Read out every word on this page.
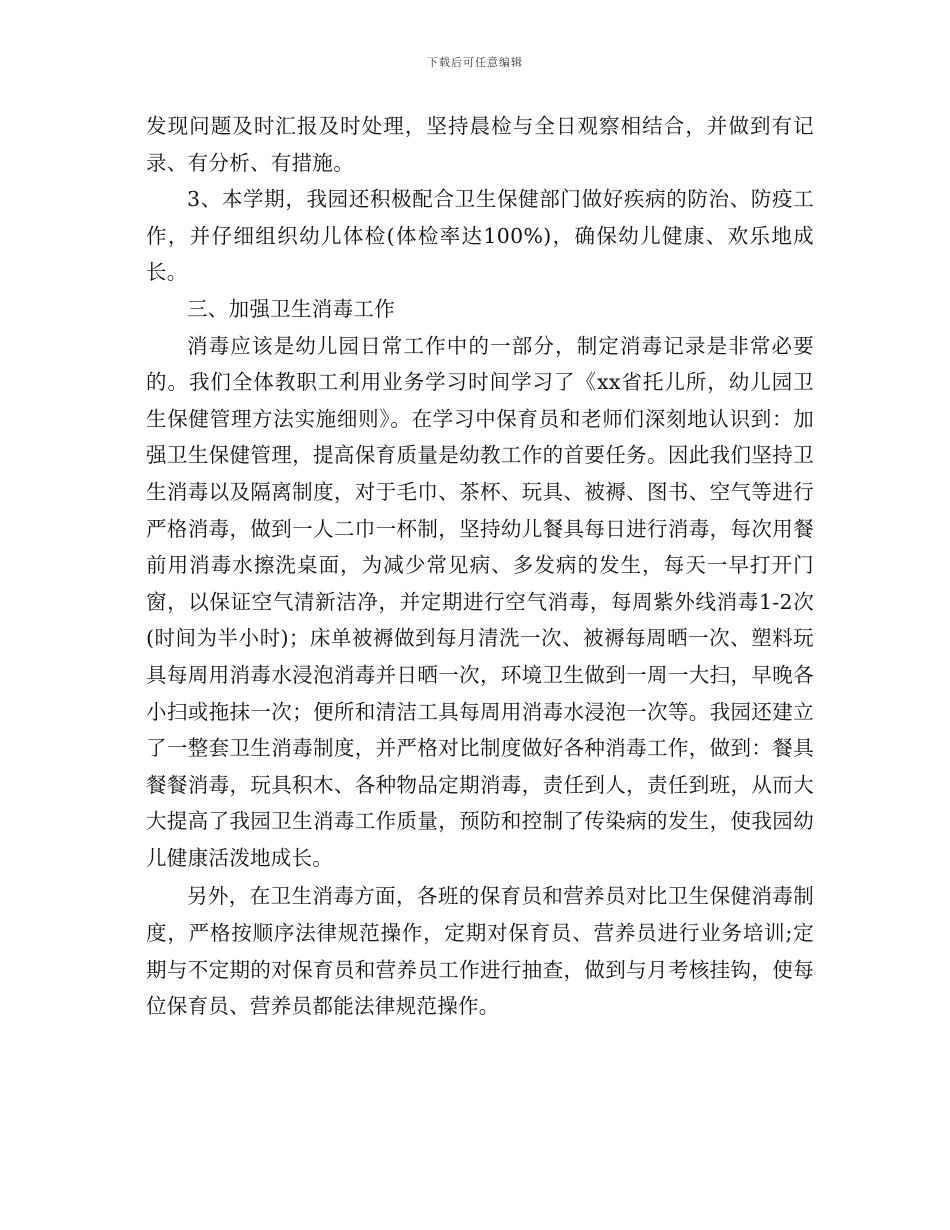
下载后可任意编辑

发现问题及时汇报及时处理，坚持晨检与全日观察相结合，并做到有记录、有分析、有措施。

3、本学期，我园还积极配合卫生保健部门做好疾病的防治、防疫工作，并仔细组织幼儿体检(体检率达100%)，确保幼儿健康、欢乐地成长。

三、加强卫生消毒工作

消毒应该是幼儿园日常工作中的一部分，制定消毒记录是非常必要的。我们全体教职工利用业务学习时间学习了《xx省托儿所，幼儿园卫生保健管理方法实施细则》。在学习中保育员和老师们深刻地认识到：加强卫生保健管理，提高保育质量是幼教工作的首要任务。因此我们坚持卫生消毒以及隔离制度，对于毛巾、茶杯、玩具、被褥、图书、空气等进行严格消毒，做到一人二巾一杯制，坚持幼儿餐具每日进行消毒，每次用餐前用消毒水擦洗桌面，为减少常见病、多发病的发生，每天一早打开门窗，以保证空气清新洁净，并定期进行空气消毒，每周紫外线消毒1-2次(时间为半小时)；床单被褥做到每月清洗一次、被褥每周晒一次、塑料玩具每周用消毒水浸泡消毒并日晒一次，环境卫生做到一周一大扫，早晚各小扫或拖抹一次；便所和清洁工具每周用消毒水浸泡一次等。我园还建立了一整套卫生消毒制度，并严格对比制度做好各种消毒工作，做到：餐具餐餐消毒，玩具积木、各种物品定期消毒，责任到人，责任到班，从而大大提高了我园卫生消毒工作质量，预防和控制了传染病的发生，使我园幼儿健康活泼地成长。

另外，在卫生消毒方面，各班的保育员和营养员对比卫生保健消毒制度，严格按顺序法律规范操作，定期对保育员、营养员进行业务培训;定期与不定期的对保育员和营养员工作进行抽查，做到与月考核挂钩，使每位保育员、营养员都能法律规范操作。
